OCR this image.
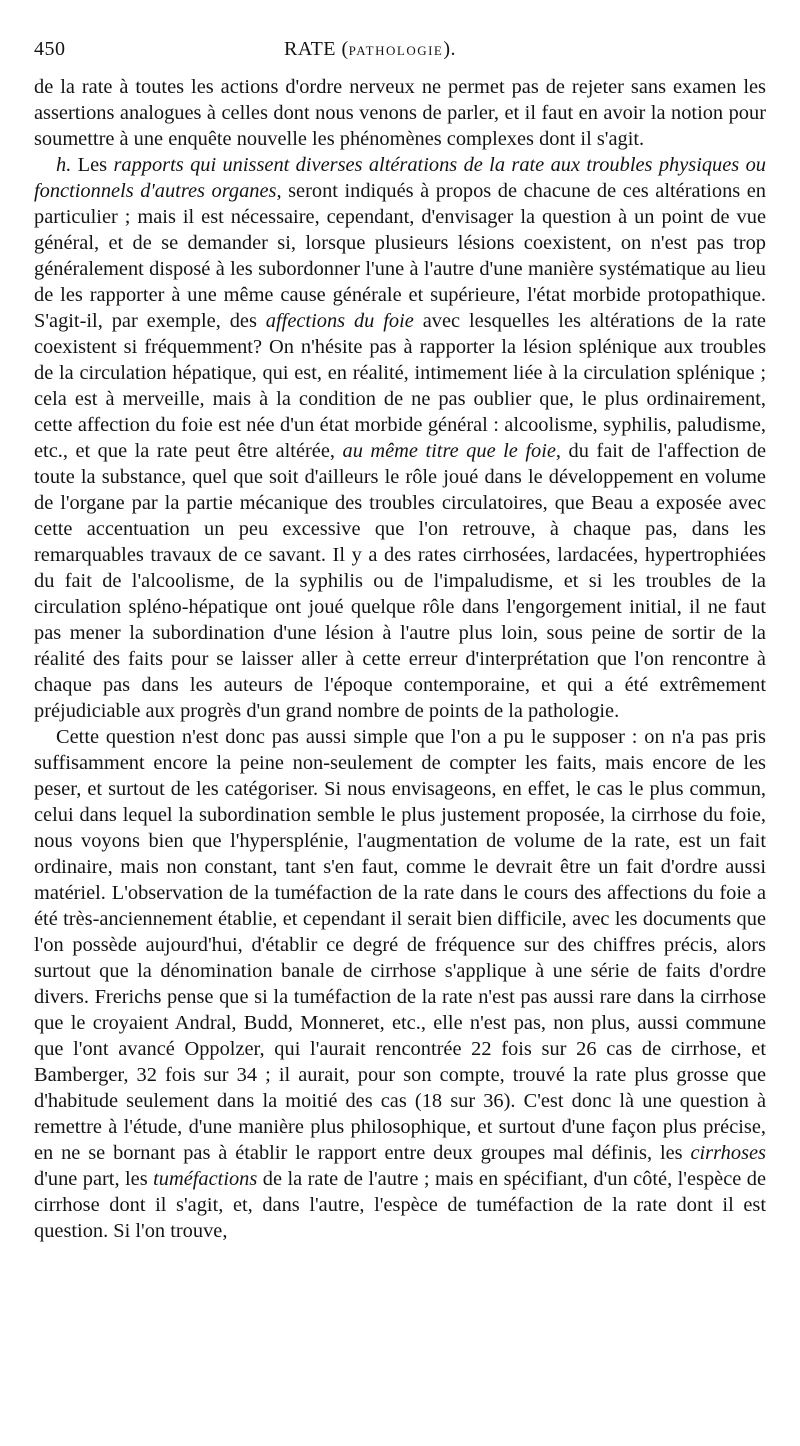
450	RATE (PATHOLOGIE).

de la rate à toutes les actions d'ordre nerveux ne permet pas de rejeter sans examen les assertions analogues à celles dont nous venons de parler, et il faut en avoir la notion pour soumettre à une enquête nouvelle les phénomènes complexes dont il s'agit.

h. Les rapports qui unissent diverses altérations de la rate aux troubles physiques ou fonctionnels d'autres organes, seront indiqués à propos de chacune de ces altérations en particulier ; mais il est nécessaire, cependant, d'envisager la question à un point de vue général, et de se demander si, lorsque plusieurs lésions coexistent, on n'est pas trop généralement disposé à les subordonner l'une à l'autre d'une manière systématique au lieu de les rapporter à une même cause générale et supérieure, l'état morbide protopathique. S'agit-il, par exemple, des affections du foie avec lesquelles les altérations de la rate coexistent si fréquemment? On n'hésite pas à rapporter la lésion splénique aux troubles de la circulation hépatique, qui est, en réalité, intimement liée à la circulation splénique ; cela est à merveille, mais à la condition de ne pas oublier que, le plus ordinairement, cette affection du foie est née d'un état morbide général : alcoolisme, syphilis, paludisme, etc., et que la rate peut être altérée, au même titre que le foie, du fait de l'affection de toute la substance, quel que soit d'ailleurs le rôle joué dans le développement en volume de l'organe par la partie mécanique des troubles circulatoires, que Beau a exposée avec cette accentuation un peu excessive que l'on retrouve, à chaque pas, dans les remarquables travaux de ce savant. Il y a des rates cirrhosées, lardacées, hypertrophiées du fait de l'alcoolisme, de la syphilis ou de l'impaludisme, et si les troubles de la circulation spléno-hépatique ont joué quelque rôle dans l'engorgement initial, il ne faut pas mener la subordination d'une lésion à l'autre plus loin, sous peine de sortir de la réalité des faits pour se laisser aller à cette erreur d'interprétation que l'on rencontre à chaque pas dans les auteurs de l'époque contemporaine, et qui a été extrêmement préjudiciable aux progrès d'un grand nombre de points de la pathologie.

Cette question n'est donc pas aussi simple que l'on a pu le supposer : on n'a pas pris suffisamment encore la peine non-seulement de compter les faits, mais encore de les peser, et surtout de les catégoriser. Si nous envisageons, en effet, le cas le plus commun, celui dans lequel la subordination semble le plus justement proposée, la cirrhose du foie, nous voyons bien que l'hypersplénie, l'augmentation de volume de la rate, est un fait ordinaire, mais non constant, tant s'en faut, comme le devrait être un fait d'ordre aussi matériel. L'observation de la tuméfaction de la rate dans le cours des affections du foie a été très-anciennement établie, et cependant il serait bien difficile, avec les documents que l'on possède aujourd'hui, d'établir ce degré de fréquence sur des chiffres précis, alors surtout que la dénomination banale de cirrhose s'applique à une série de faits d'ordre divers. Frerichs pense que si la tuméfaction de la rate n'est pas aussi rare dans la cirrhose que le croyaient Andral, Budd, Monneret, etc., elle n'est pas, non plus, aussi commune que l'ont avancé Oppolzer, qui l'aurait rencontrée 22 fois sur 26 cas de cirrhose, et Bamberger, 32 fois sur 34 ; il aurait, pour son compte, trouvé la rate plus grosse que d'habitude seulement dans la moitié des cas (18 sur 36). C'est donc là une question à remettre à l'étude, d'une manière plus philosophique, et surtout d'une façon plus précise, en ne se bornant pas à établir le rapport entre deux groupes mal définis, les cirrhoses d'une part, les tuméfactions de la rate de l'autre ; mais en spécifiant, d'un côté, l'espèce de cirrhose dont il s'agit, et, dans l'autre, l'espèce de tuméfaction de la rate dont il est question. Si l'on trouve,
